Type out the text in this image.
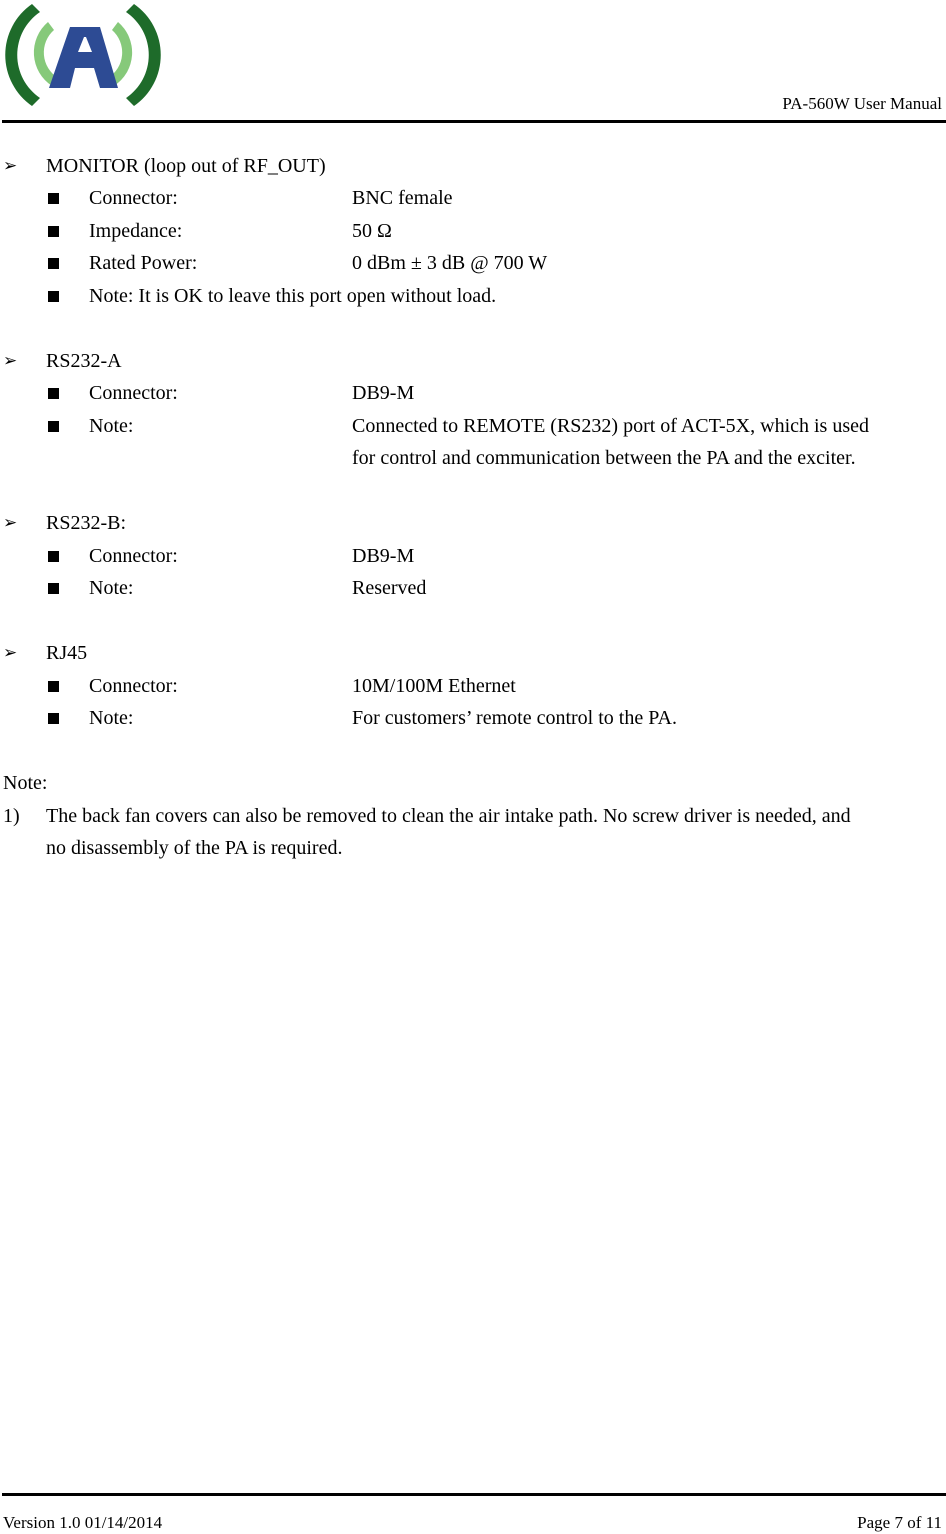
PA-560W User Manual
➢ MONITOR (loop out of RF_OUT)
Connector:	BNC female
Impedance:	50 Ω
Rated Power:	0 dBm ± 3 dB @ 700 W
Note: It is OK to leave this port open without load.
➢ RS232-A
Connector:	DB9-M
Note:	Connected to REMOTE (RS232) port of ACT-5X, which is used
for control and communication between the PA and the exciter.
➢ RS232-B:
Connector:	DB9-M
Note:	Reserved
➢ RJ45
Connector:	10M/100M Ethernet
Note:	For customers’ remote control to the PA.
Note:
1) The back fan covers can also be removed to clean the air intake path. No screw driver is needed, and
no disassembly of the PA is required.
Version 1.0 01/14/2014	Page 7 of 11
